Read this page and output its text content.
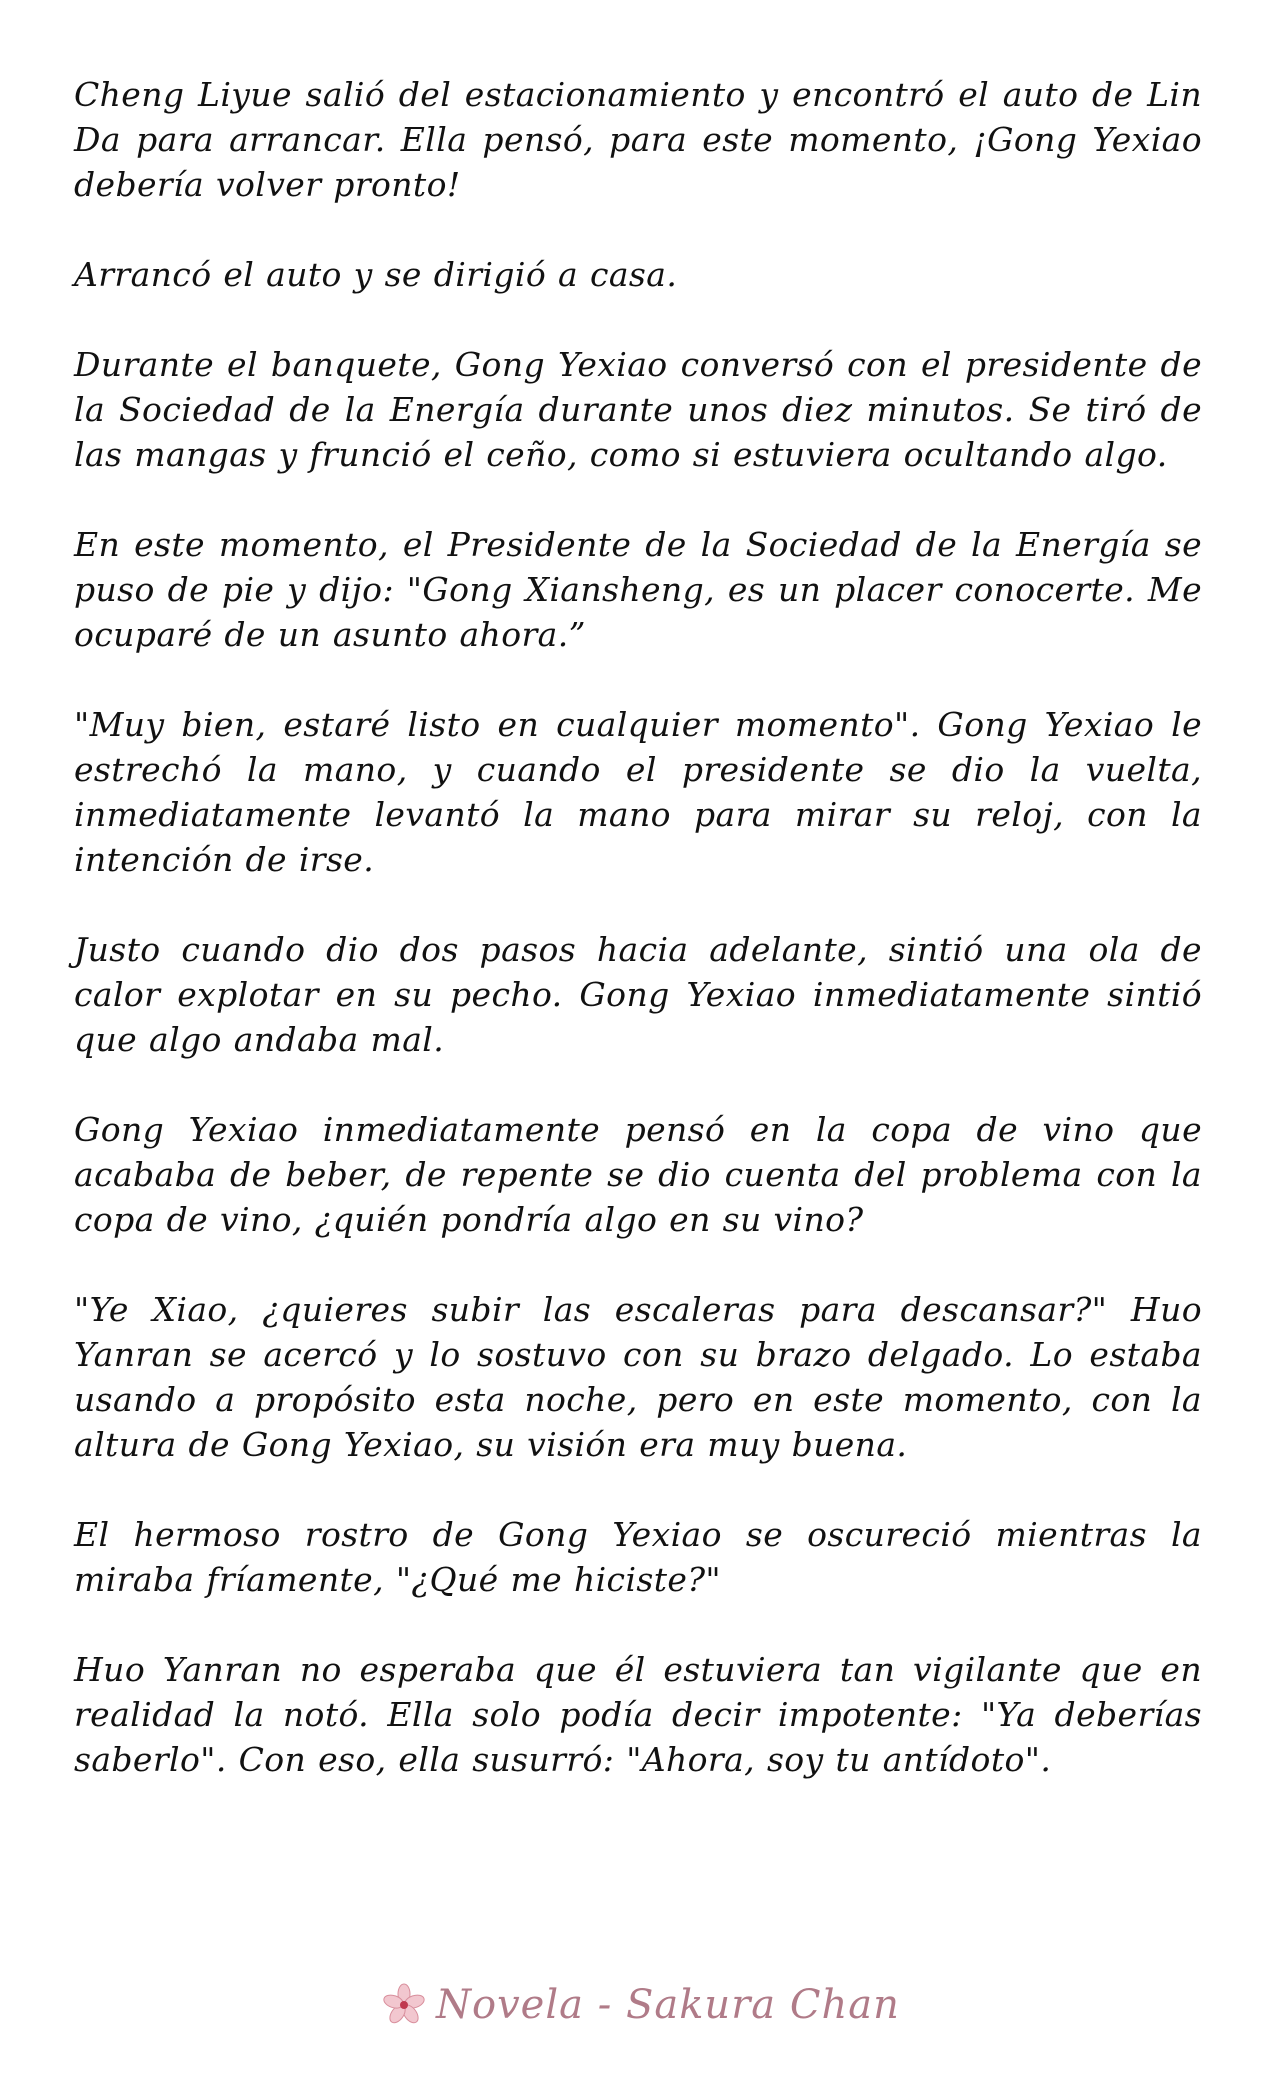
Cheng Liyue salió del estacionamiento y encontró el auto de Lin Da para arrancar. Ella pensó, para este momento, ¡Gong Yexiao debería volver pronto!

Arrancó el auto y se dirigió a casa.

Durante el banquete, Gong Yexiao conversó con el presidente de la Sociedad de la Energía durante unos diez minutos. Se tiró de las mangas y frunció el ceño, como si estuviera ocultando algo.

En este momento, el Presidente de la Sociedad de la Energía se puso de pie y dijo: "Gong Xiansheng, es un placer conocerte. Me ocuparé de un asunto ahora.”

"Muy bien, estaré listo en cualquier momento". Gong Yexiao le estrechó la mano, y cuando el presidente se dio la vuelta, inmediatamente levantó la mano para mirar su reloj, con la intención de irse.

Justo cuando dio dos pasos hacia adelante, sintió una ola de calor explotar en su pecho. Gong Yexiao inmediatamente sintió que algo andaba mal.

Gong Yexiao inmediatamente pensó en la copa de vino que acababa de beber, de repente se dio cuenta del problema con la copa de vino, ¿quién pondría algo en su vino?

"Ye Xiao, ¿quieres subir las escaleras para descansar?" Huo Yanran se acercó y lo sostuvo con su brazo delgado. Lo estaba usando a propósito esta noche, pero en este momento, con la altura de Gong Yexiao, su visión era muy buena.

El hermoso rostro de Gong Yexiao se oscureció mientras la miraba fríamente, "¿Qué me hiciste?"

Huo Yanran no esperaba que él estuviera tan vigilante que en realidad la notó. Ella solo podía decir impotente: "Ya deberías saberlo". Con eso, ella susurró: "Ahora, soy tu antídoto".

Novela - Sakura Chan
